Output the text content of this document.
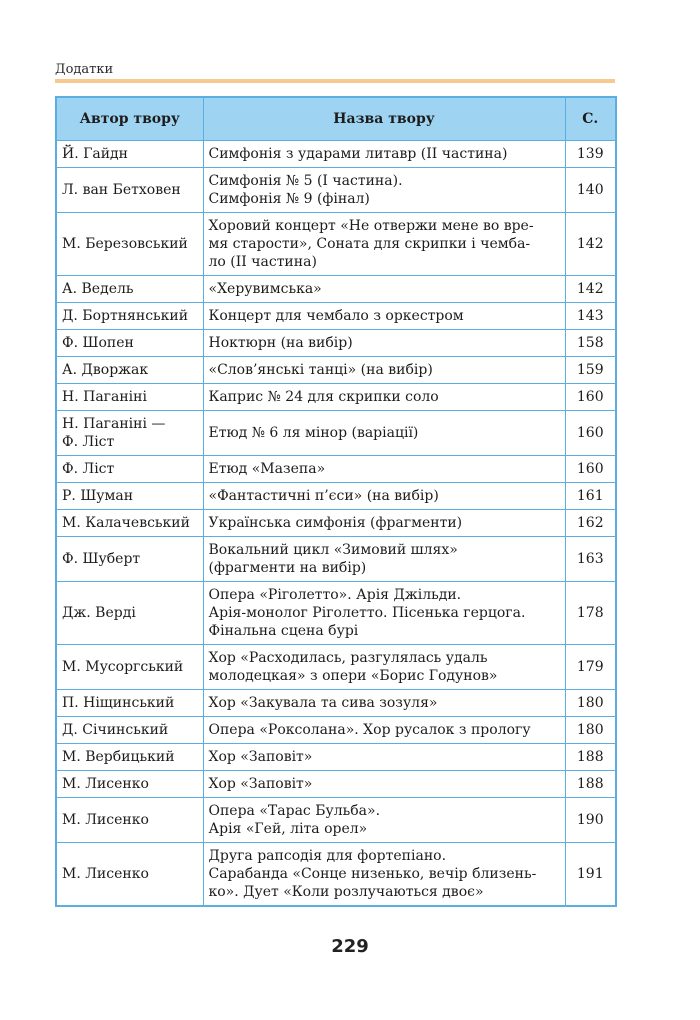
Додатки
Автор твору	Назва твору	С.

Й. Гайдн	Симфонія з ударами литавр (ІІ частина)	139

Л. ван Бетховен	Симфонія № 5 (І частина).
Симфонія № 9 (фінал)	140

М. Березовський	Хоровий концерт «Не отвержи мене во вре-
мя старости», Соната для скрипки і чемба-
ло (ІІ частина)	142

А. Ведель	«Херувимська»	142

Д. Бортнянський	Концерт для чембало з оркестром	143

Ф. Шопен	Ноктюрн (на вибір)	158

А. Дворжак	«Слов’янські танці» (на вибір)	159

Н. Паганіні	Каприс № 24 для скрипки соло	160

Н. Паганіні —
Ф. Ліст	Етюд № 6 ля мінор (варіації)	160

Ф. Ліст	Етюд «Мазепа»	160

Р. Шуман	«Фантастичні п’єси» (на вибір)	161

М. Калачевський	Українська симфонія (фрагменти)	162

Ф. Шуберт	Вокальний цикл «Зимовий шлях»
(фрагменти на вибір)	163

Дж. Верді	Опера «Ріголетто». Арія Джільди.
Арія-монолог Ріголетто. Пісенька герцога.
Фінальна сцена бурі	178

М. Мусоргський	Хор «Расходилась, разгулялась удаль
молодецкая» з опери «Борис Годунов»	179

П. Ніщинський	Хор «Закувала та сива зозуля»	180

Д. Січинський	Опера «Роксолана». Хор русалок з прологу	180

М. Вербицький	Хор «Заповіт»	188

М. Лисенко	Хор «Заповіт»	188

М. Лисенко	Опера «Тарас Бульба».
Арія «Гей, літа орел»	190

М. Лисенко	Друга рапсодія для фортепіано.
Сарабанда «Сонце низенько, вечір близень-
ко». Дует «Коли розлучаються двоє»	191
229
